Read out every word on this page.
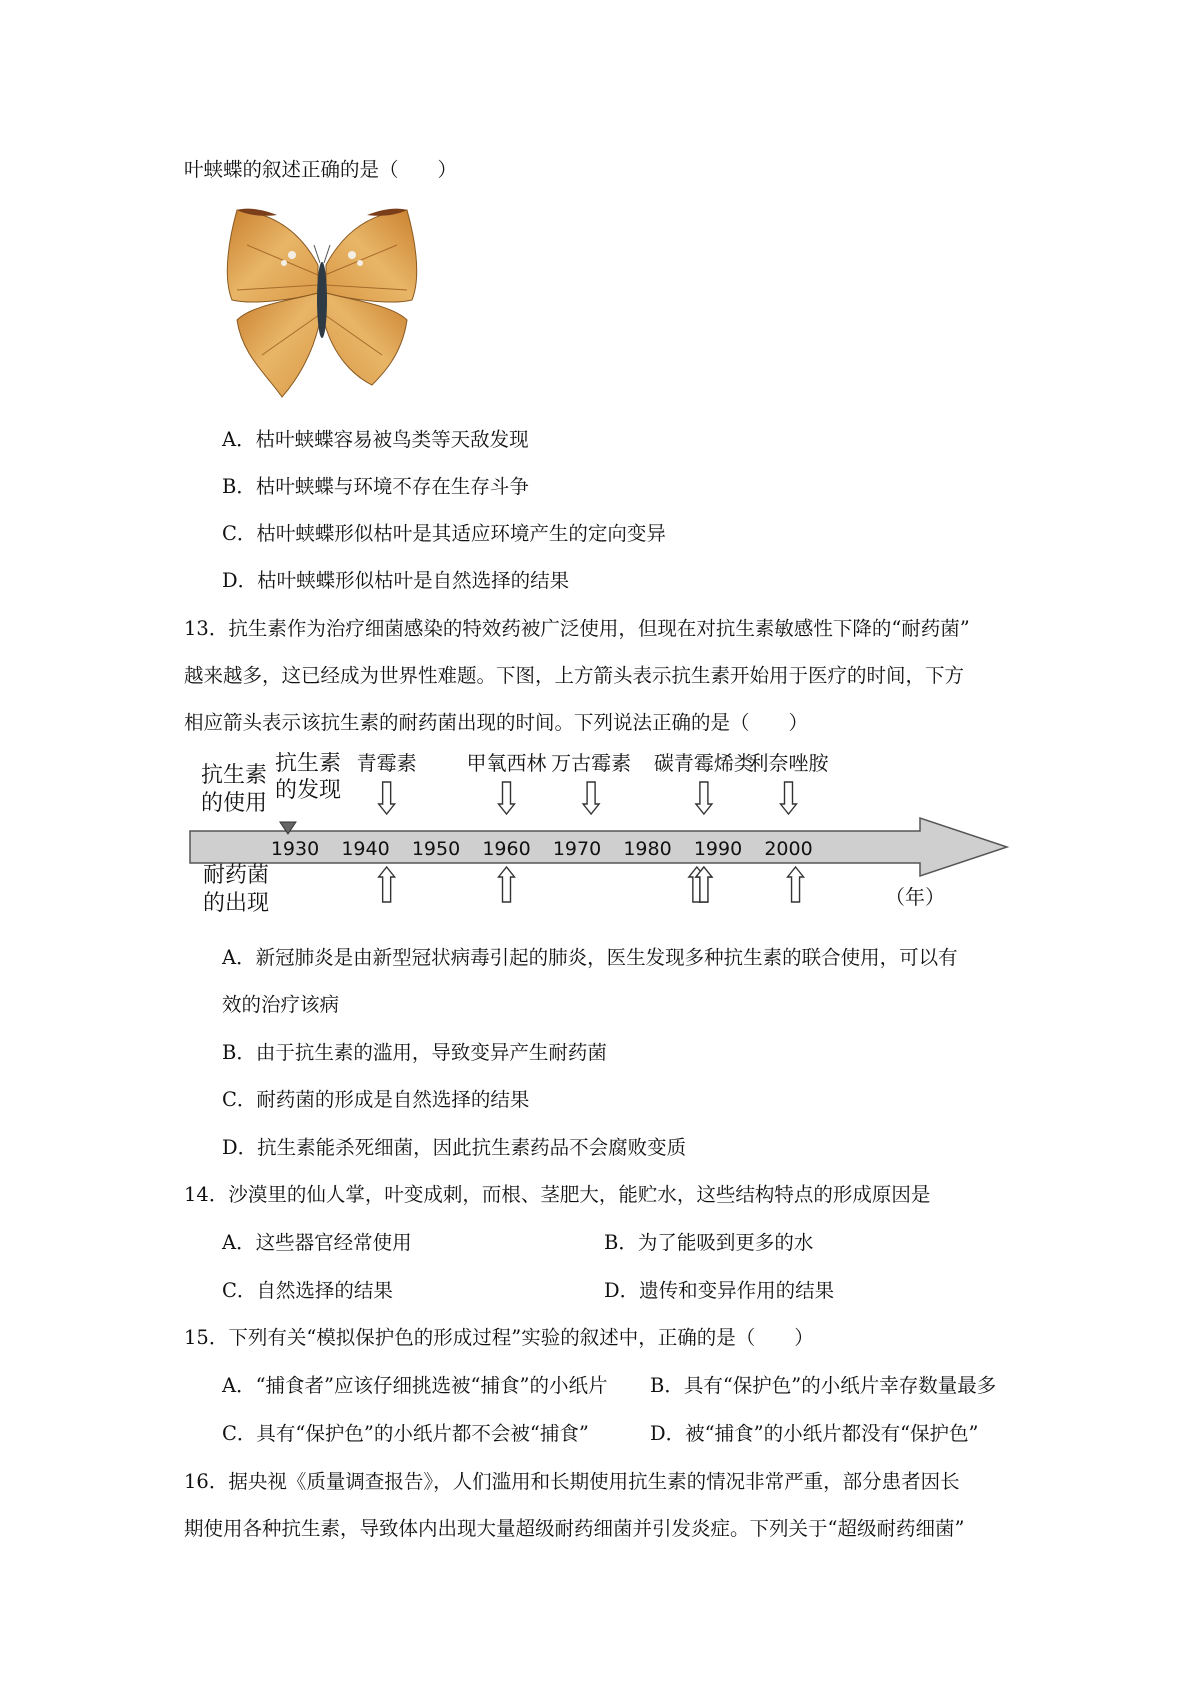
叶蛱蝶的叙述正确的是（　　）
A．枯叶蛱蝶容易被鸟类等天敌发现
B．枯叶蛱蝶与环境不存在生存斗争
C．枯叶蛱蝶形似枯叶是其适应环境产生的定向变异
D．枯叶蛱蝶形似枯叶是自然选择的结果
13．抗生素作为治疗细菌感染的特效药被广泛使用，但现在对抗生素敏感性下降的“耐药菌”
越来越多，这已经成为世界性难题。下图，上方箭头表示抗生素开始用于医疗的时间，下方
相应箭头表示该抗生素的耐药菌出现的时间。下列说法正确的是（　　）
抗生素
的使用
抗生素
的发现
耐药菌
的出现	（年）
1930 1940 1950 1960 1970 1980 1990 2000
青霉素 甲氧西林 万古霉素 碳青霉烯类
利奈唑胺
A．新冠肺炎是由新型冠状病毒引起的肺炎，医生发现多种抗生素的联合使用，可以有
效的治疗该病
B．由于抗生素的滥用，导致变异产生耐药菌
C．耐药菌的形成是自然选择的结果
D．抗生素能杀死细菌，因此抗生素药品不会腐败变质
14．沙漠里的仙人掌，叶变成刺，而根、茎肥大，能贮水，这些结构特点的形成原因是
A．这些器官经常使用	B．为了能吸到更多的水
C．自然选择的结果	D．遗传和变异作用的结果
15．下列有关“模拟保护色的形成过程”实验的叙述中，正确的是（　　）
A．“捕食者”应该仔细挑选被“捕食”的小纸片 B．具有“保护色”的小纸片幸存数量最多
C．具有“保护色”的小纸片都不会被“捕食”	D．被“捕食”的小纸片都没有“保护色”
16．据央视《质量调查报告》，人们滥用和长期使用抗生素的情况非常严重，部分患者因长
期使用各种抗生素，导致体内出现大量超级耐药细菌并引发炎症。下列关于“超级耐药细菌”
